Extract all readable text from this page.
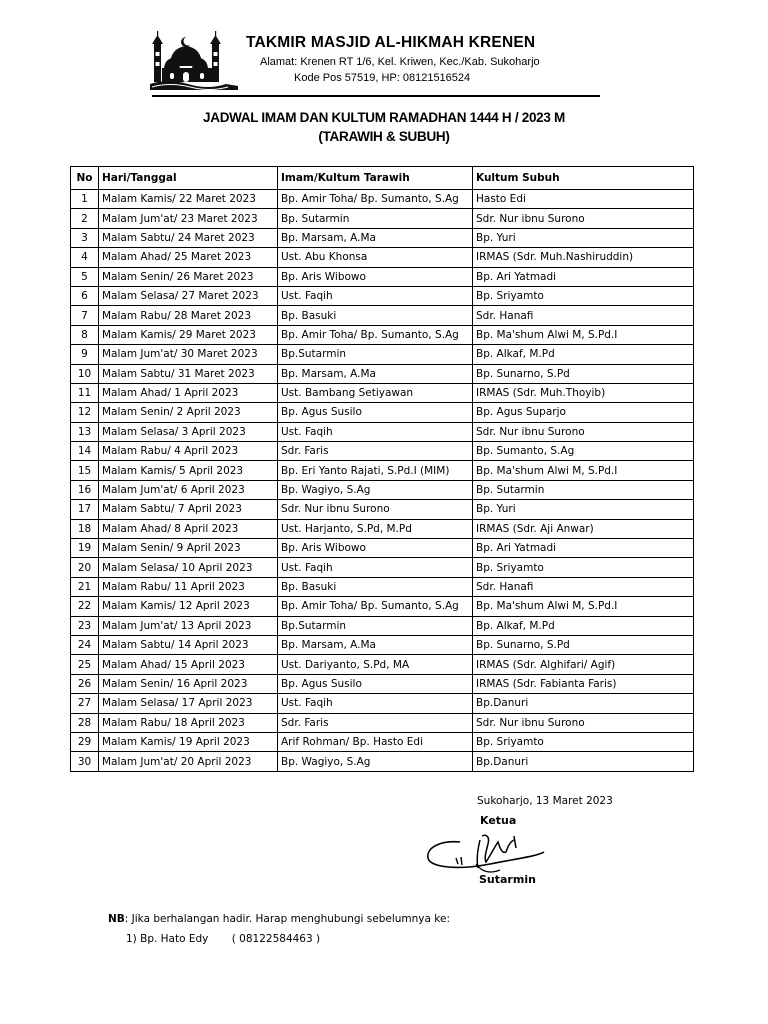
TAKMIR MASJID AL-HIKMAH KRENEN
Alamat: Krenen RT 1/6, Kel. Kriwen, Kec./Kab. Sukoharjo
Kode Pos 57519, HP: 08121516524
JADWAL IMAM DAN KULTUM RAMADHAN 1444 H / 2023 M
(TARAWIH & SUBUH)
No	Hari/Tanggal	Imam/Kultum Tarawih	Kultum Subuh
1	Malam Kamis/ 22 Maret 2023	Bp. Amir Toha/ Bp. Sumanto, S.Ag	Hasto Edi
2	Malam Jum'at/ 23 Maret 2023	Bp. Sutarmin	Sdr. Nur ibnu Surono
3	Malam Sabtu/ 24 Maret 2023	Bp. Marsam, A.Ma	Bp. Yuri
4	Malam Ahad/ 25 Maret 2023	Ust. Abu Khonsa	IRMAS (Sdr. Muh.Nashiruddin)
5	Malam Senin/ 26 Maret 2023	Bp. Aris Wibowo	Bp. Ari Yatmadi
6	Malam Selasa/ 27 Maret 2023	Ust. Faqih	Bp. Sriyamto
7	Malam Rabu/ 28 Maret 2023	Bp. Basuki	Sdr. Hanafi
8	Malam Kamis/ 29 Maret 2023	Bp. Amir Toha/ Bp. Sumanto, S.Ag	Bp. Ma'shum Alwi M, S.Pd.I
9	Malam Jum'at/ 30 Maret 2023	Bp.Sutarmin	Bp. Alkaf, M.Pd
10	Malam Sabtu/ 31 Maret 2023	Bp. Marsam, A.Ma	Bp. Sunarno, S.Pd
11	Malam Ahad/ 1 April 2023	Ust. Bambang Setiyawan	IRMAS (Sdr. Muh.Thoyib)
12	Malam Senin/ 2 April 2023	Bp. Agus Susilo	Bp. Agus Suparjo
13	Malam Selasa/ 3 April 2023	Ust. Faqih	Sdr. Nur ibnu Surono
14	Malam Rabu/ 4 April 2023	Sdr. Faris	Bp. Sumanto, S.Ag
15	Malam Kamis/ 5 April 2023	Bp. Eri Yanto Rajati, S.Pd.I (MIM)	Bp. Ma'shum Alwi M, S.Pd.I
16	Malam Jum'at/ 6 April 2023	Bp. Wagiyo, S.Ag	Bp. Sutarmin
17	Malam Sabtu/ 7 April 2023	Sdr. Nur ibnu Surono	Bp. Yuri
18	Malam Ahad/ 8 April 2023	Ust. Harjanto, S.Pd, M.Pd	IRMAS (Sdr. Aji Anwar)
19	Malam Senin/ 9 April 2023	Bp. Aris Wibowo	Bp. Ari Yatmadi
20	Malam Selasa/ 10 April 2023	Ust. Faqih	Bp. Sriyamto
21	Malam Rabu/ 11 April 2023	Bp. Basuki	Sdr. Hanafi
22	Malam Kamis/ 12 April 2023	Bp. Amir Toha/ Bp. Sumanto, S.Ag	Bp. Ma'shum Alwi M, S.Pd.I
23	Malam Jum'at/ 13 April 2023	Bp.Sutarmin	Bp. Alkaf, M.Pd
24	Malam Sabtu/ 14 April 2023	Bp. Marsam, A.Ma	Bp. Sunarno, S.Pd
25	Malam Ahad/ 15 April 2023	Ust. Dariyanto, S.Pd, MA	IRMAS (Sdr. Alghifari/ Agif)
26	Malam Senin/ 16 April 2023	Bp. Agus Susilo	IRMAS (Sdr. Fabianta Faris)
27	Malam Selasa/ 17 April 2023	Ust. Faqih	Bp.Danuri
28	Malam Rabu/ 18 April 2023	Sdr. Faris	Sdr. Nur ibnu Surono
29	Malam Kamis/ 19 April 2023	Arif Rohman/ Bp. Hasto Edi	Bp. Sriyamto
30	Malam Jum'at/ 20 April 2023	Bp. Wagiyo, S.Ag	Bp.Danuri
Sukoharjo, 13 Maret 2023
Ketua
Sutarmin
NB: Jika berhalangan hadir. Harap menghubungi sebelumnya ke:
1) Bp. Hato Edy       ( 08122584463 )
